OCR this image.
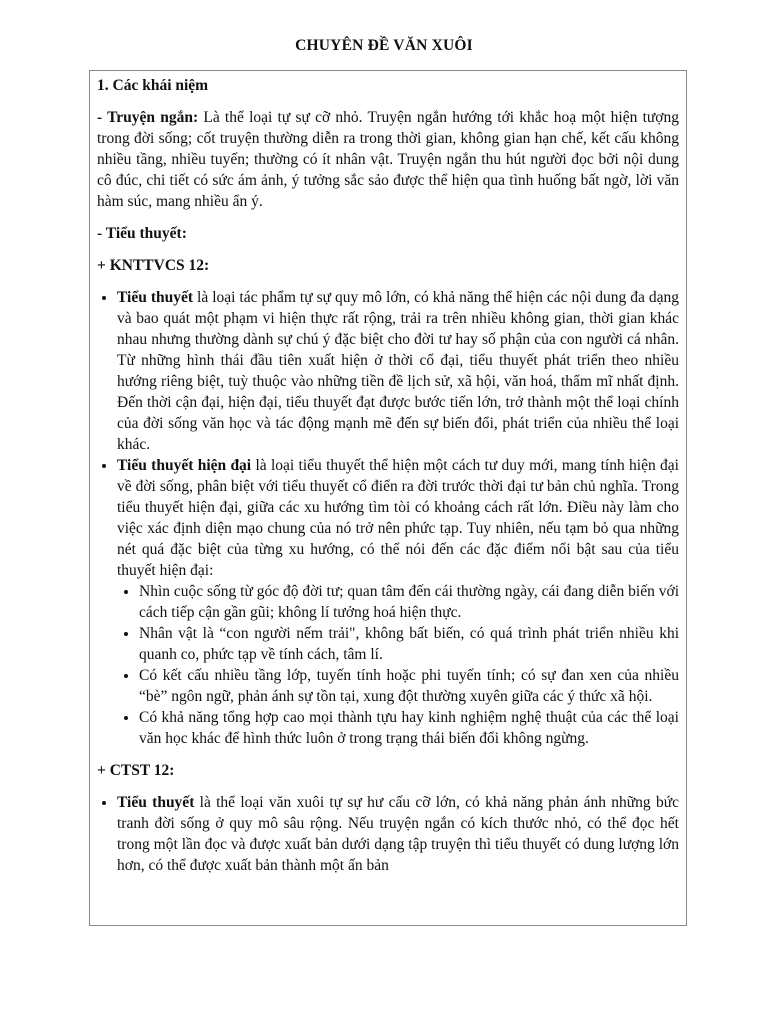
CHUYÊN ĐỀ VĂN XUÔI
1. Các khái niệm
- Truyện ngắn: Là thể loại tự sự cỡ nhỏ. Truyện ngắn hướng tới khắc hoạ một hiện tượng trong đời sống; cốt truyện thường diễn ra trong thời gian, không gian hạn chế, kết cấu không nhiều tầng, nhiều tuyến; thường có ít nhân vật. Truyện ngắn thu hút người đọc bởi nội dung cô đúc, chi tiết có sức ám ảnh, ý tưởng sắc sảo được thể hiện qua tình huống bất ngờ, lời văn hàm súc, mang nhiều ẩn ý.
- Tiểu thuyết:
+ KNTTVCS 12:
• Tiểu thuyết là loại tác phẩm tự sự quy mô lớn, có khả năng thể hiện các nội dung đa dạng và bao quát một phạm vi hiện thực rất rộng, trải ra trên nhiều không gian, thời gian khác nhau nhưng thường dành sự chú ý đặc biệt cho đời tư hay số phận của con người cá nhân. Từ những hình thái đầu tiên xuất hiện ở thời cổ đại, tiểu thuyết phát triển theo nhiều hướng riêng biệt, tuỳ thuộc vào những tiền đề lịch sử, xã hội, văn hoá, thẩm mĩ nhất định. Đến thời cận đại, hiện đại, tiểu thuyết đạt được bước tiến lớn, trở thành một thể loại chính của đời sống văn học và tác động mạnh mẽ đến sự biến đổi, phát triển của nhiều thể loại khác.
• Tiểu thuyết hiện đại là loại tiểu thuyết thể hiện một cách tư duy mới, mang tính hiện đại về đời sống, phân biệt với tiểu thuyết cổ điển ra đời trước thời đại tư bản chủ nghĩa. Trong tiểu thuyết hiện đại, giữa các xu hướng tìm tòi có khoảng cách rất lớn. Điều này làm cho việc xác định diện mạo chung của nó trở nên phức tạp. Tuy nhiên, nếu tạm bỏ qua những nét quá đặc biệt của từng xu hướng, có thể nói đến các đặc điểm nổi bật sau của tiểu thuyết hiện đại:
• Nhìn cuộc sống từ góc độ đời tư; quan tâm đến cái thường ngày, cái đang diễn biến với cách tiếp cận gần gũi; không lí tưởng hoá hiện thực.
• Nhân vật là “con người nếm trải", không bất biến, có quá trình phát triển nhiều khi quanh co, phức tạp về tính cách, tâm lí.
• Có kết cấu nhiều tầng lớp, tuyến tính hoặc phi tuyến tính; có sự đan xen của nhiều “bè” ngôn ngữ, phản ánh sự tồn tại, xung đột thường xuyên giữa các ý thức xã hội.
• Có khả năng tổng hợp cao mọi thành tựu hay kinh nghiệm nghệ thuật của các thể loại văn học khác để hình thức luôn ở trong trạng thái biến đổi không ngừng.
+ CTST 12:
• Tiểu thuyết là thể loại văn xuôi tự sự hư cấu cỡ lớn, có khả năng phản ánh những bức tranh đời sống ở quy mô sâu rộng. Nếu truyện ngắn có kích thước nhỏ, có thể đọc hết trong một lần đọc và được xuất bản dưới dạng tập truyện thì tiểu thuyết có dung lượng lớn hơn, có thể được xuất bản thành một ấn bản
